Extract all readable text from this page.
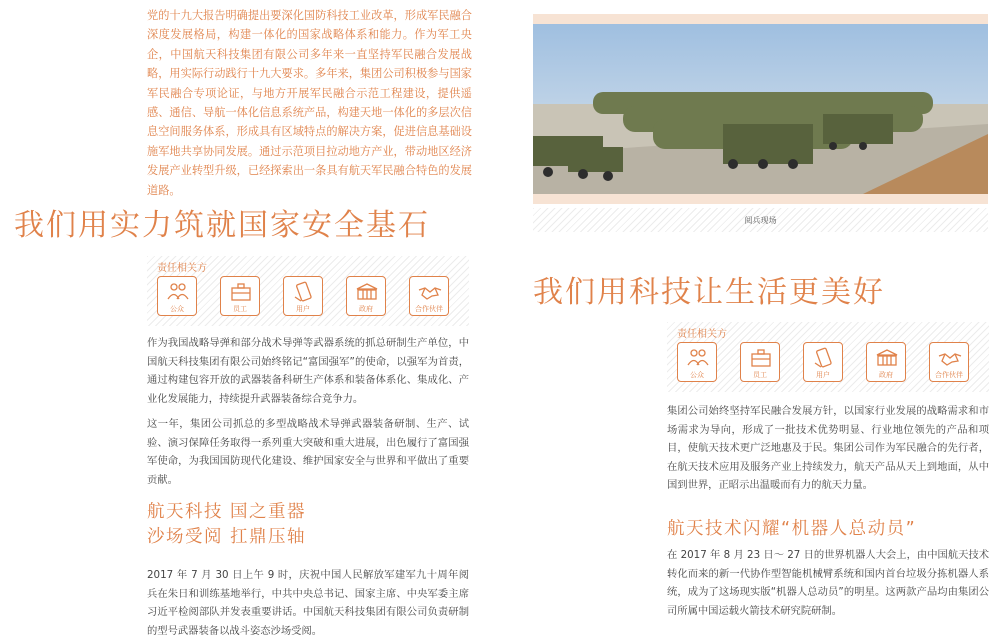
党的十九大报告明确提出要深化国防科技工业改革，形成军民融合深度发展格局，构建一体化的国家战略体系和能力。作为军工央企，中国航天科技集团有限公司多年来一直坚持军民融合发展战略，用实际行动践行十九大要求。多年来，集团公司积极参与国家军民融合专项论证，与地方开展军民融合示范工程建设，提供遥感、通信、导航一体化信息系统产品，构建天地一体化的多层次信息空间服务体系，形成具有区域特点的解决方案，促进信息基础设施军地共享协同发展。通过示范项目拉动地方产业，带动地区经济发展产业转型升级，已经探索出一条具有航天军民融合特色的发展道路。

我们用实力筑就国家安全基石
责任相关方
公众	员工	用户	政府	合作伙伴

作为我国战略导弹和部分战术导弹等武器系统的抓总研制生产单位，中国航天科技集团有限公司始终铭记“富国强军”的使命，以强军为首责，通过构建包容开放的武器装备科研生产体系和装备体系化、集成化、产业化发展能力，持续提升武器装备综合竞争力。

这一年，集团公司抓总的多型战略战术导弹武器装备研制、生产、试验、演习保障任务取得一系列重大突破和重大进展，出色履行了富国强军使命，为我国国防现代化建设、维护国家安全与世界和平做出了重要贡献。

航天科技 国之重器
沙场受阅 扛鼎压轴

2017 年 7 月 30 日上午 9 时，庆祝中国人民解放军建军九十周年阅兵在朱日和训练基地举行，中共中央总书记、国家主席、中央军委主席习近平检阅部队并发表重要讲话。中国航天科技集团有限公司负责研制的型号武器装备以战斗姿态沙场受阅。

阅兵现场
我们用科技让生活更美好
责任相关方
公众	员工	用户	政府	合作伙伴

集团公司始终坚持军民融合发展方针，以国家行业发展的战略需求和市场需求为导向，形成了一批技术优势明显、行业地位领先的产品和项目，使航天技术更广泛地惠及于民。集团公司作为军民融合的先行者，在航天技术应用及服务产业上持续发力，航天产品从天上到地面，从中国到世界，正昭示出温暖而有力的航天力量。

航天技术闪耀“机器人总动员”

在 2017 年 8 月 23 日～ 27 日的世界机器人大会上，由中国航天技术转化而来的新一代协作型智能机械臂系统和国内首台垃圾分拣机器人系统，成为了这场现实版“机器人总动员”的明星。这两款产品均由集团公司所属中国运载火箭技术研究院研制。
